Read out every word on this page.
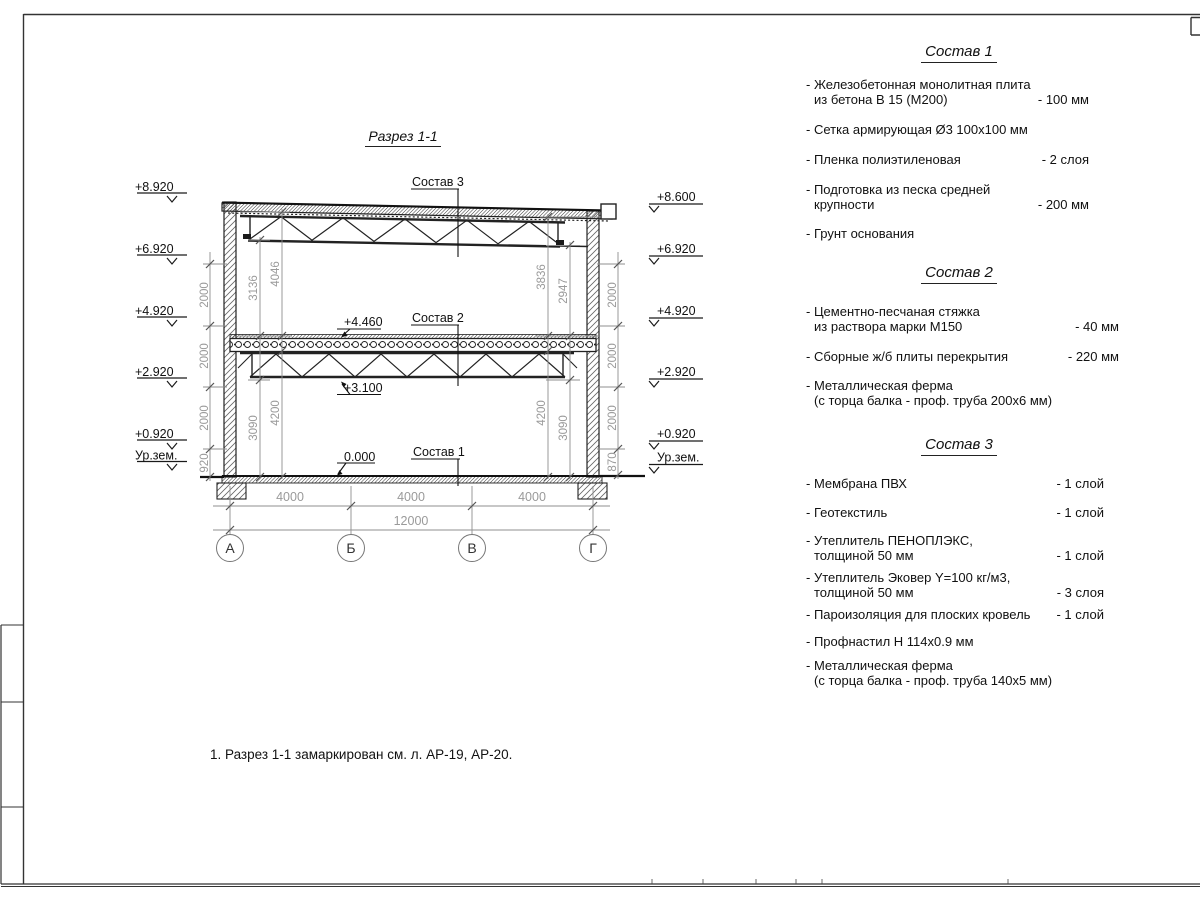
2000
2000
2000
920
2000
2000
2000
870
3136
4046
3090
4200
3836
2947
4200
3090
4000	4000	4000
12000
+8.920
+6.920
+4.920
+2.920
+0.920
Ур.зем.
+8.600
+6.920
+4.920
+2.920
+0.920
Ур.зем.
Состав 3
Состав 2
Состав 1
+4.460
+3.100
0.000
А	Б	В	Г
Разрез 1-1
Состав 1
- Железобетонная монолитная плита
из бетона В 15 (М200)	- 100 мм
- Сетка армирующая Ø3 100х100 мм
- Пленка полиэтиленовая	- 2 слоя
- Подготовка из песка средней
крупности	- 200 мм
- Грунт основания
Состав 2
- Цементно-песчаная стяжка
из раствора марки М150	- 40 мм
- Сборные ж/б плиты перекрытия	- 220 мм
- Металлическая ферма
(с торца балка - проф. труба 200х6 мм)
Состав 3
- Мембрана ПВХ	- 1 слой
- Геотекстиль	- 1 слой
- Утеплитель ПЕНОПЛЭКС,
толщиной 50 мм	- 1 слой
- Утеплитель Эковер Y=100 кг/м3,
толщиной 50 мм	- 3 слоя
- Пароизоляция для плоских кровель	- 1 слой
- Профнастил Н 114х0.9 мм
- Металлическая ферма
(с торца балка - проф. труба 140х5 мм)
1. Разрез 1-1 замаркирован см. л. АР-19, АР-20.
